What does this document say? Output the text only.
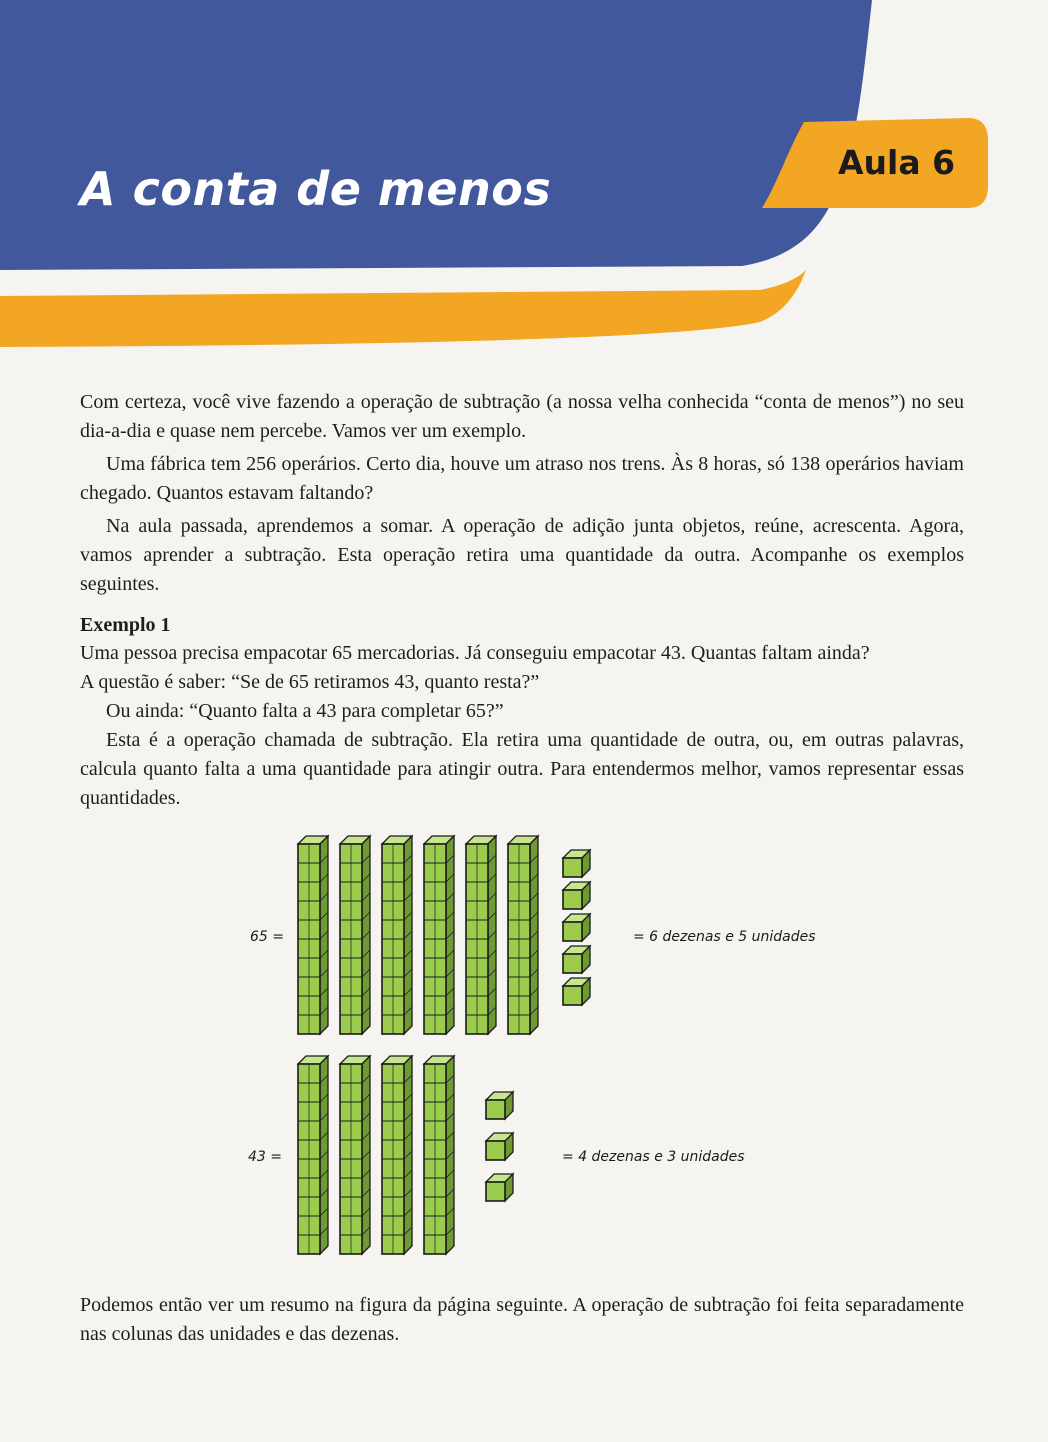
A conta de menos	Aula 6

Com certeza, você vive fazendo a operação de subtração (a nossa velha conhecida “conta de menos”) no seu dia-a-dia e quase nem percebe. Vamos ver um exemplo.

Uma fábrica tem 256 operários. Certo dia, houve um atraso nos trens. Às 8 horas, só 138 operários haviam chegado. Quantos estavam faltando?

Na aula passada, aprendemos a somar. A operação de adição junta objetos, reúne, acrescenta. Agora, vamos aprender a subtração. Esta operação retira uma quantidade da outra. Acompanhe os exemplos seguintes.

Exemplo 1

Uma pessoa precisa empacotar 65 mercadorias. Já conseguiu empacotar 43. Quantas faltam ainda?

A questão é saber: “Se de 65 retiramos 43, quanto resta?”

Ou ainda: “Quanto falta a 43 para completar 65?”

Esta é a operação chamada de subtração. Ela retira uma quantidade de outra, ou, em outras palavras, calcula quanto falta a uma quantidade para atingir outra. Para entendermos melhor, vamos representar essas quantidades.

65 =	= 6 dezenas e 5 unidades
43 =	= 4 dezenas e 3 unidades

Podemos então ver um resumo na figura da página seguinte. A operação de subtração foi feita separadamente nas colunas das unidades e das dezenas.
